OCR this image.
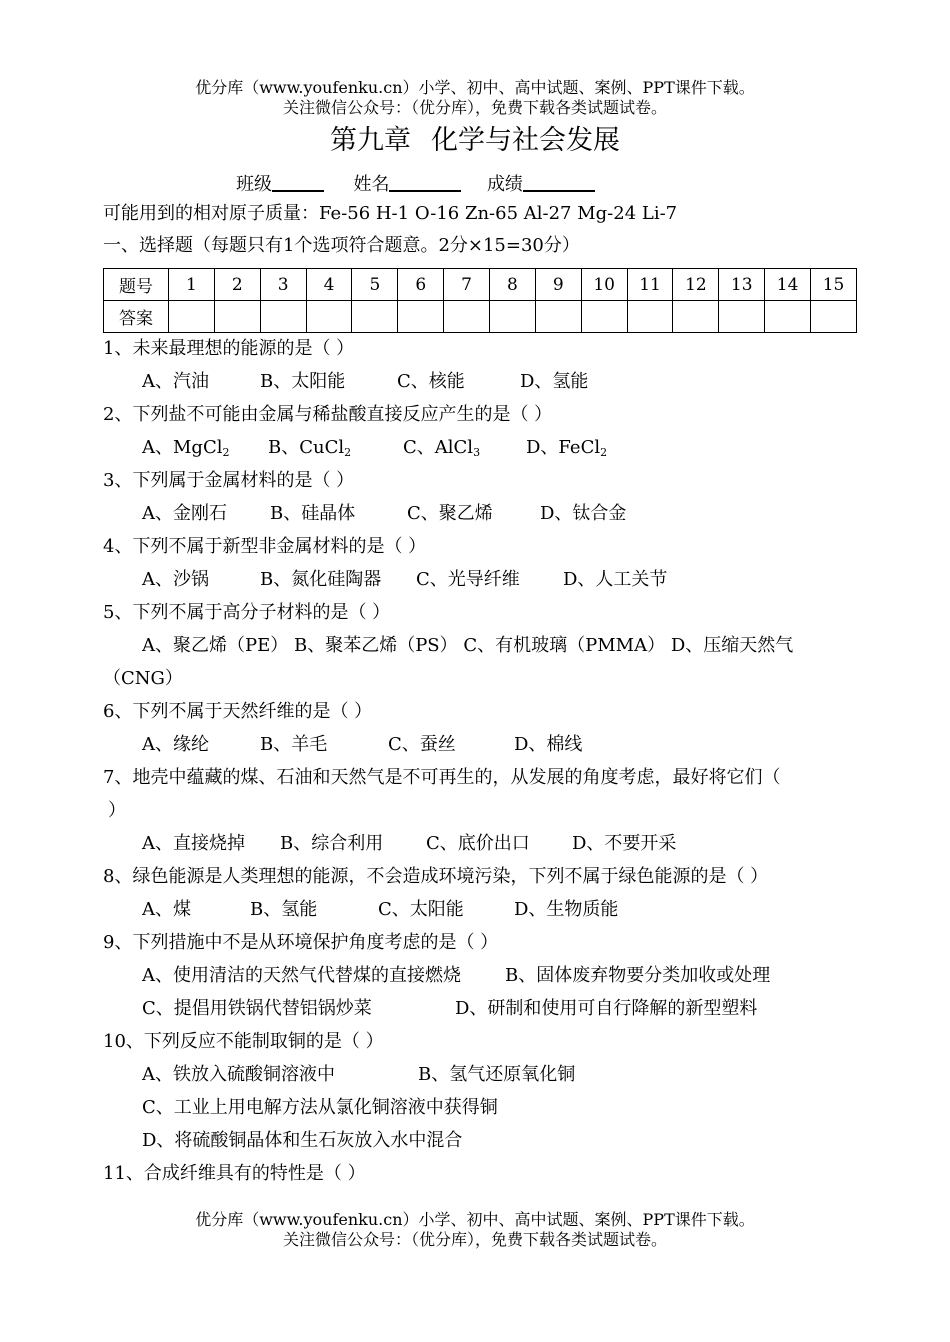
优分库（www.youfenku.cn）小学、初中、高中试题、案例、PPT课件下载。
关注微信公众号：（优分库），免费下载各类试题试卷。
第九章 化学与社会发展
班级	姓名	成绩
可能用到的相对原子质量：Fe-56 H-1 O-16 Zn-65 Al-27 Mg-24 Li-7
一、选择题（每题只有1个选项符合题意。2分×15=30分）
题号	1	2	3	4	5	6	7	8	9	10	11	12	13	14	15
答案															
1、未来最理想的能源的是（ ）
A、汽油	B、太阳能	C、核能	D、氢能
2、下列盐不可能由金属与稀盐酸直接反应产生的是（ ）
A、MgCl$_2$ B、CuCl$_2$	C、AlCl$_3$	D、FeCl$_2$
3、下列属于金属材料的是（ ）
A、金刚石 B、硅晶体	C、聚乙烯	D、钛合金
4、下列不属于新型非金属材料的是（ ）
A、沙锅	B、氮化硅陶器 C、光导纤维 D、人工关节
5、下列不属于高分子材料的是（ ）
A、聚乙烯（PE） B、聚苯乙烯（PS） C、有机玻璃（PMMA） D、压缩天然气
（CNG）
6、下列不属于天然纤维的是（ ）
A、缘纶	B、羊毛	C、蚕丝	D、棉线
7、地壳中蕴藏的煤、石油和天然气是不可再生的，从发展的角度考虑，最好将它们（
）
A、直接烧掉 B、综合利用 C、底价出口 D、不要开采
8、绿色能源是人类理想的能源，不会造成环境污染，下列不属于绿色能源的是（ ）
A、煤	B、氢能	C、太阳能	D、生物质能
9、下列措施中不是从环境保护角度考虑的是（ ）
A、使用清洁的天然气代替煤的直接燃烧 B、固体废弃物要分类加收或处理
C、提倡用铁锅代替铝锅炒菜	D、研制和使用可自行降解的新型塑料
10、下列反应不能制取铜的是（ ）
A、铁放入硫酸铜溶液中	B、氢气还原氧化铜
C、工业上用电解方法从氯化铜溶液中获得铜
D、将硫酸铜晶体和生石灰放入水中混合
11、合成纤维具有的特性是（ ）
优分库（www.youfenku.cn）小学、初中、高中试题、案例、PPT课件下载。
关注微信公众号：（优分库），免费下载各类试题试卷。
